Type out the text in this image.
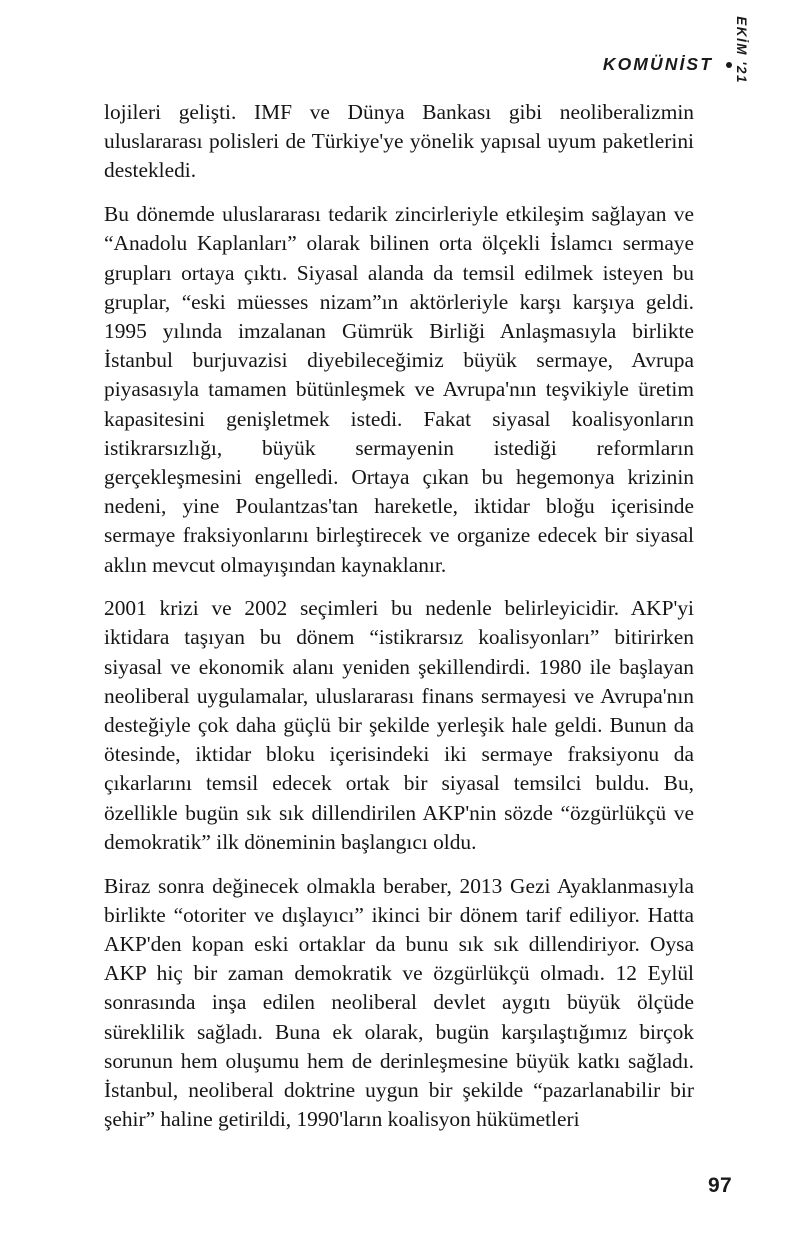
KOMÜNİST EKİM '21

lojileri gelişti. IMF ve Dünya Bankası gibi neoliberalizmin uluslararası polisleri de Türkiye'ye yönelik yapısal uyum paketlerini destekledi.

Bu dönemde uluslararası tedarik zincirleriyle etkileşim sağlayan ve “Anadolu Kaplanları” olarak bilinen orta ölçekli İslamcı sermaye grupları ortaya çıktı. Siyasal alanda da temsil edilmek isteyen bu gruplar, “eski müesses nizam”ın aktörleriyle karşı karşıya geldi. 1995 yılında imzalanan Gümrük Birliği Anlaşmasıyla birlikte İstanbul burjuvazisi diyebileceğimiz büyük sermaye, Avrupa piyasasıyla tamamen bütünleşmek ve Avrupa'nın teşvikiyle üretim kapasitesini genişletmek istedi. Fakat siyasal koalisyonların istikrarsızlığı, büyük sermayenin istediği reformların gerçekleşmesini engelledi. Ortaya çıkan bu hegemonya krizinin nedeni, yine Poulantzas'tan hareketle, iktidar bloğu içerisinde sermaye fraksiyonlarını birleştirecek ve organize edecek bir siyasal aklın mevcut olmayışından kaynaklanır.

2001 krizi ve 2002 seçimleri bu nedenle belirleyicidir. AKP'yi iktidara taşıyan bu dönem “istikrarsız koalisyonları” bitirirken siyasal ve ekonomik alanı yeniden şekillendirdi. 1980 ile başlayan neoliberal uygulamalar, uluslararası finans sermayesi ve Avrupa'nın desteğiyle çok daha güçlü bir şekilde yerleşik hale geldi. Bunun da ötesinde, iktidar bloku içerisindeki iki sermaye fraksiyonu da çıkarlarını temsil edecek ortak bir siyasal temsilci buldu. Bu, özellikle bugün sık sık dillendirilen AKP'nin sözde “özgürlükçü ve demokratik” ilk döneminin başlangıcı oldu.

Biraz sonra değinecek olmakla beraber, 2013 Gezi Ayaklanmasıyla birlikte “otoriter ve dışlayıcı” ikinci bir dönem tarif ediliyor. Hatta AKP'den kopan eski ortaklar da bunu sık sık dillendiriyor. Oysa AKP hiç bir zaman demokratik ve özgürlükçü olmadı. 12 Eylül sonrasında inşa edilen neoliberal devlet aygıtı büyük ölçüde süreklilik sağladı. Buna ek olarak, bugün karşılaştığımız birçok sorunun hem oluşumu hem de derinleşmesine büyük katkı sağladı. İstanbul, neoliberal doktrine uygun bir şekilde “pazarlanabilir bir şehir” haline getirildi, 1990'ların koalisyon hükümetleri

97
